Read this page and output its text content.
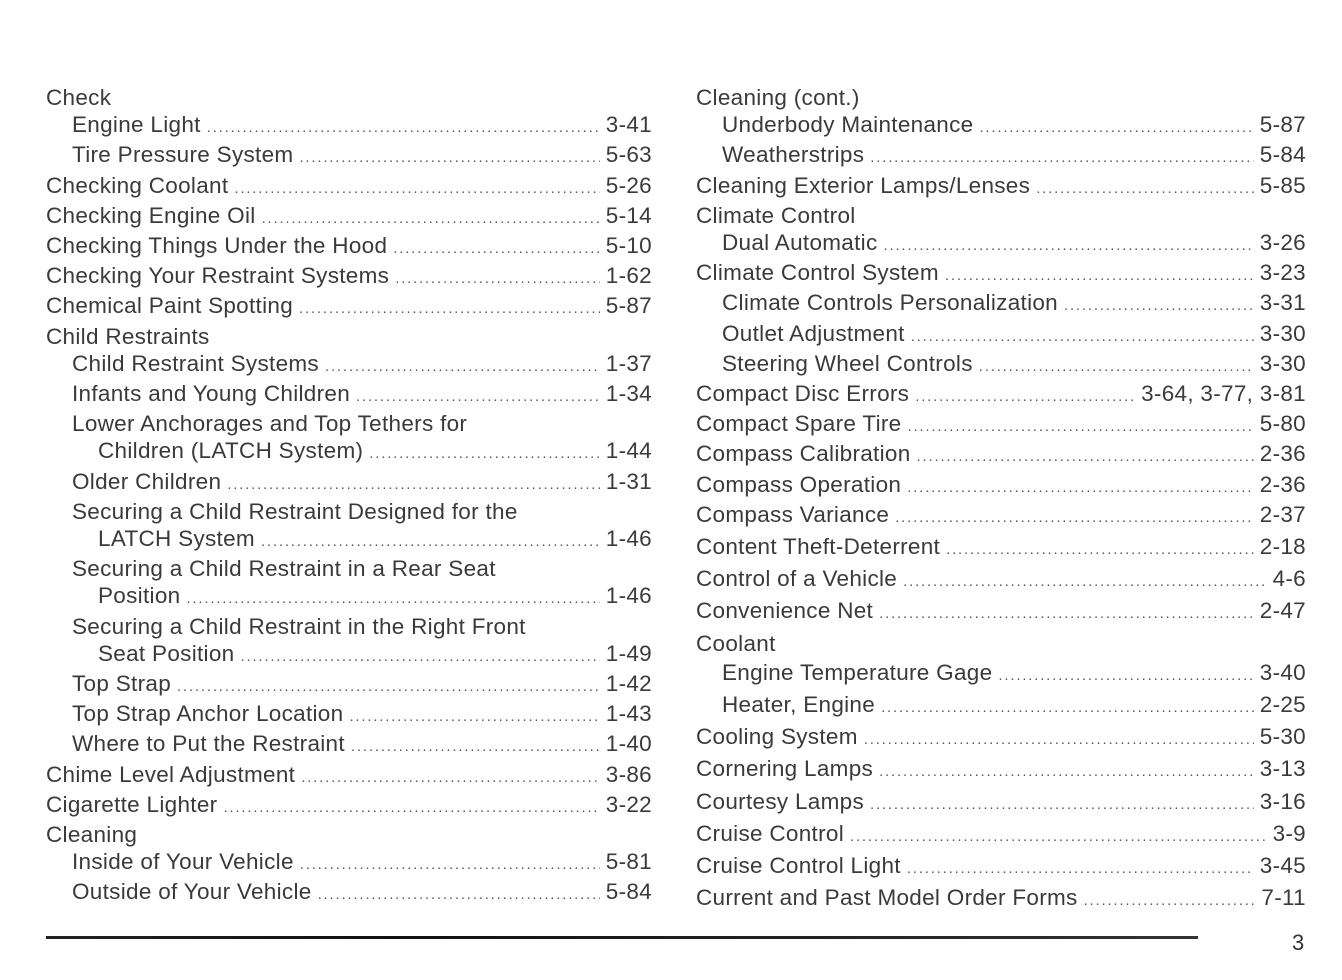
Check
Engine Light .....	3-41
Tire Pressure System .....	5-63
Checking Coolant .....	5-26
Checking Engine Oil .....	5-14
Checking Things Under the Hood .....	5-10
Checking Your Restraint Systems .....	1-62
Chemical Paint Spotting .....	5-87
Child Restraints
Child Restraint Systems .....	1-37
Infants and Young Children .....	1-34
Lower Anchorages and Top Tethers for
Children (LATCH System) .....	1-44
Older Children .....	1-31
Securing a Child Restraint Designed for the
LATCH System .....	1-46
Securing a Child Restraint in a Rear Seat
Position .....	1-46
Securing a Child Restraint in the Right Front
Seat Position .....	1-49
Top Strap .....	1-42
Top Strap Anchor Location .....	1-43
Where to Put the Restraint .....	1-40
Chime Level Adjustment .....	3-86
Cigarette Lighter .....	3-22
Cleaning
Inside of Your Vehicle .....	5-81
Outside of Your Vehicle .....	5-84
Cleaning (cont.)
Underbody Maintenance .....	5-87
Weatherstrips .....	5-84
Cleaning Exterior Lamps/Lenses .....	5-85
Climate Control
Dual Automatic .....	3-26
Climate Control System .....	3-23
Climate Controls Personalization .....	3-31
Outlet Adjustment .....	3-30
Steering Wheel Controls .....	3-30
Compact Disc Errors .....	3-64, 3-77, 3-81
Compact Spare Tire .....	5-80
Compass Calibration .....	2-36
Compass Operation .....	2-36
Compass Variance .....	2-37
Content Theft-Deterrent .....	2-18
Control of a Vehicle .....	4-6
Convenience Net .....	2-47
Coolant
Engine Temperature Gage .....	3-40
Heater, Engine .....	2-25
Cooling System .....	5-30
Cornering Lamps .....	3-13
Courtesy Lamps .....	3-16
Cruise Control .....	3-9
Cruise Control Light .....	3-45
Current and Past Model Order Forms .....	7-11
3
